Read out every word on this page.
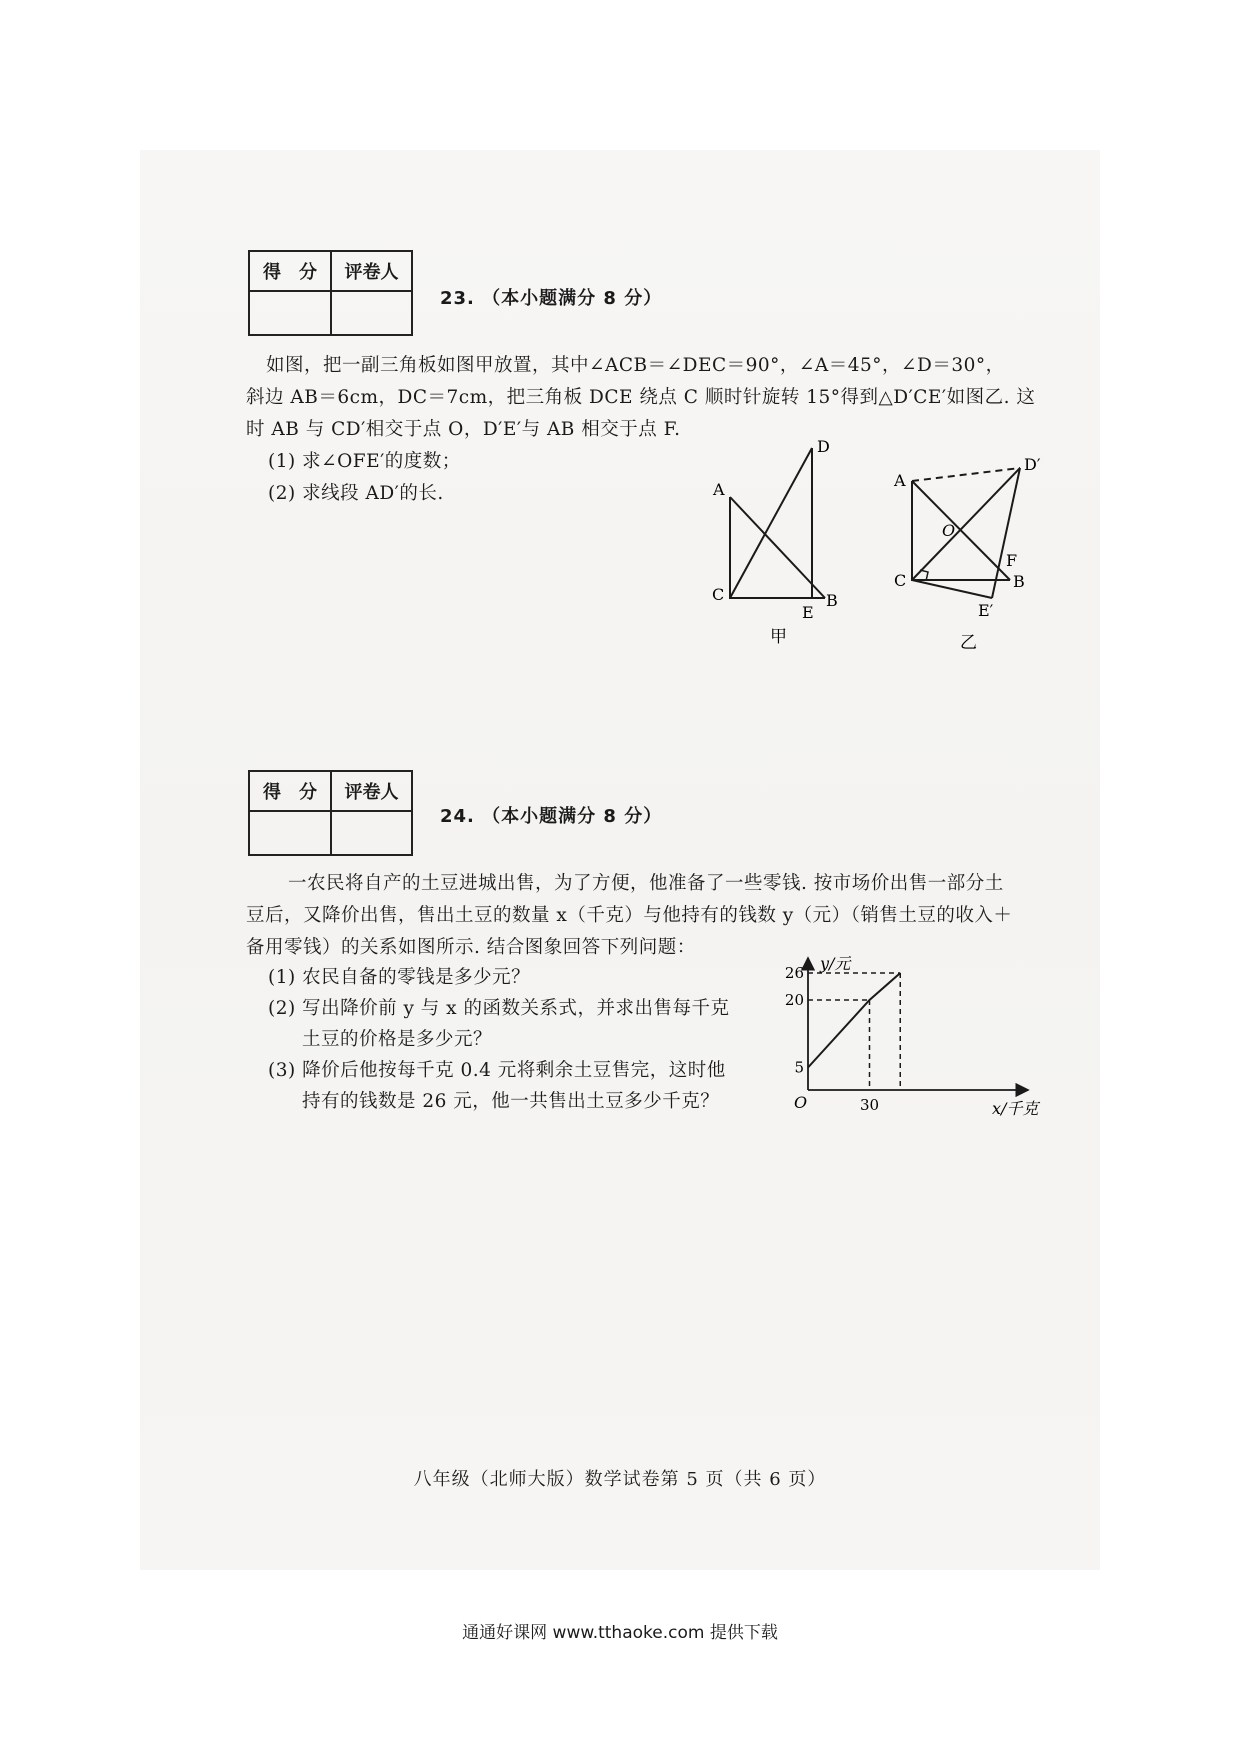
得　分	评卷人

23. （本小题满分 8 分）
如图，把一副三角板如图甲放置，其中∠ACB＝∠DEC＝90°，∠A＝45°，∠D＝30°，
斜边 AB＝6cm，DC＝7cm，把三角板 DCE 绕点 C 顺时针旋转 15°得到△D′CE′如图乙. 这
时 AB 与 CD′相交于点 O，D′E′与 AB 相交于点 F.
(1) 求∠OFE′的度数；
(2) 求线段 AD′的长.	A
D
C
E
B
甲
A
D′
O
F
C	B
E′
乙
得　分	评卷人

24. （本小题满分 8 分）
一农民将自产的土豆进城出售，为了方便，他准备了一些零钱. 按市场价出售一部分土
豆后，又降价出售，售出土豆的数量 x（千克）与他持有的钱数 y（元）（销售土豆的收入＋
备用零钱）的关系如图所示. 结合图象回答下列问题：
(1) 农民自备的零钱是多少元？
(2) 写出降价前 y 与 x 的函数关系式，并求出售每千克
土豆的价格是多少元？
(3) 降价后他按每千克 0.4 元将剩余土豆售完，这时他
持有的钱数是 26 元，他一共售出土豆多少千克？
5
20
26
30
y/元
x/千克
O
八年级（北师大版）数学试卷第 5 页（共 6 页）
通通好课网 www.tthaoke.com 提供下载
